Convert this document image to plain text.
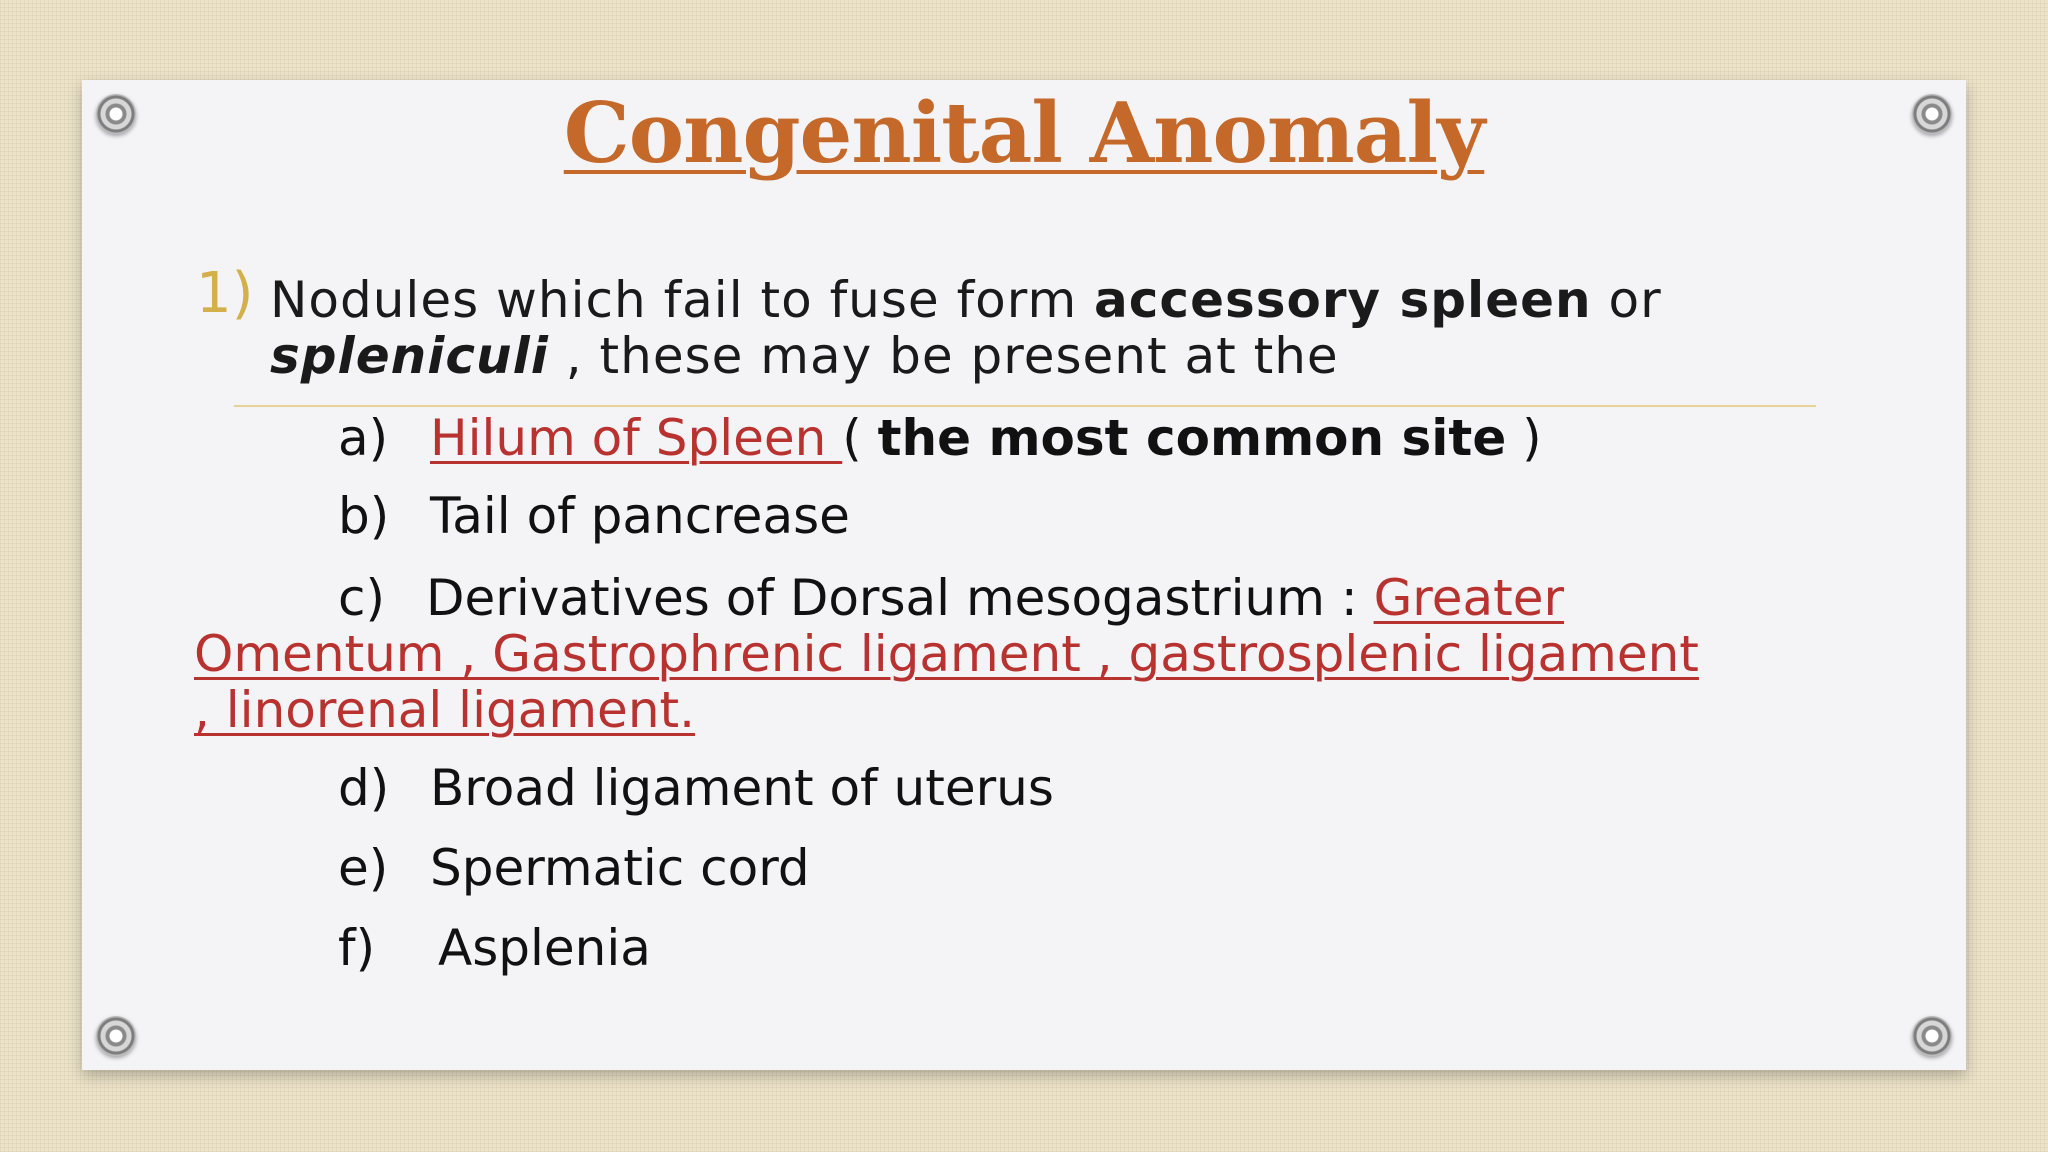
Congenital Anomaly
1) Nodules which fail to fuse form accessory spleen or
spleniculi , these may be present at the
a) Hilum of Spleen ( the most common site )
b) Tail of pancrease
c) Derivatives of Dorsal mesogastrium : Greater
Omentum , Gastrophrenic ligament , gastrosplenic ligament
, linorenal ligament.
d) Broad ligament of uterus
e) Spermatic cord
f) Asplenia
